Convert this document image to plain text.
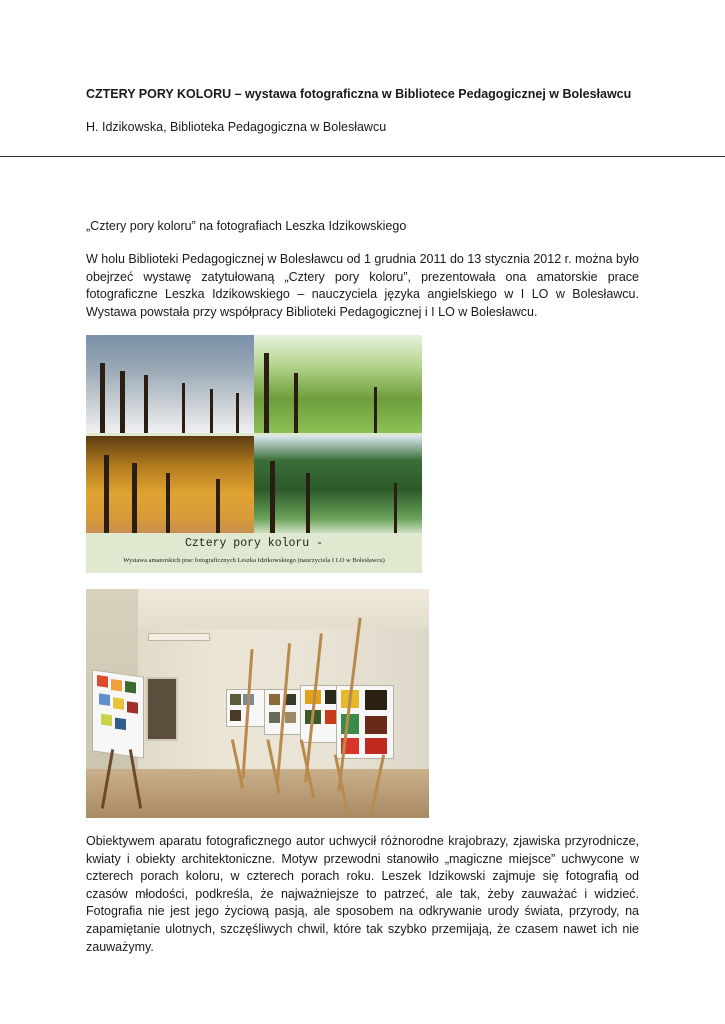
CZTERY PORY KOLORU – wystawa fotograficzna w Bibliotece Pedagogicznej w Bolesławcu
H. Idzikowska, Biblioteka Pedagogiczna w Bolesławcu
„Cztery pory koloru” na fotografiach Leszka Idzikowskiego
W holu Biblioteki Pedagogicznej w Bolesławcu od 1 grudnia 2011 do 13 stycznia 2012 r. można było obejrzeć wystawę zatytułowaną „Cztery pory koloru”, prezentowała ona amatorskie prace fotograficzne Leszka Idzikowskiego – nauczyciela języka angielskiego w I LO w Bolesławcu. Wystawa powstała przy współpracy Biblioteki Pedagogicznej i I LO w Bolesławcu.
Cztery pory koloru -
Wystawa amatorskich prac fotograficznych Leszka Idzikowskiego (nauczyciela I LO w Bolesławcu)
Obiektywem aparatu fotograficznego autor uchwycił różnorodne krajobrazy, zjawiska przyrodnicze, kwiaty i obiekty architektoniczne. Motyw przewodni stanowiło „magiczne miejsce” uchwycone w czterech porach koloru, w czterech porach roku. Leszek Idzikowski zajmuje się fotografią od czasów młodości, podkreśla, że najważniejsze to patrzeć, ale tak, żeby zauważać i widzieć. Fotografia nie jest jego życiową pasją, ale sposobem na odkrywanie urody świata, przyrody, na zapamiętanie ulotnych, szczęśliwych chwil, które tak szybko przemijają, że czasem nawet ich nie zauważymy.
